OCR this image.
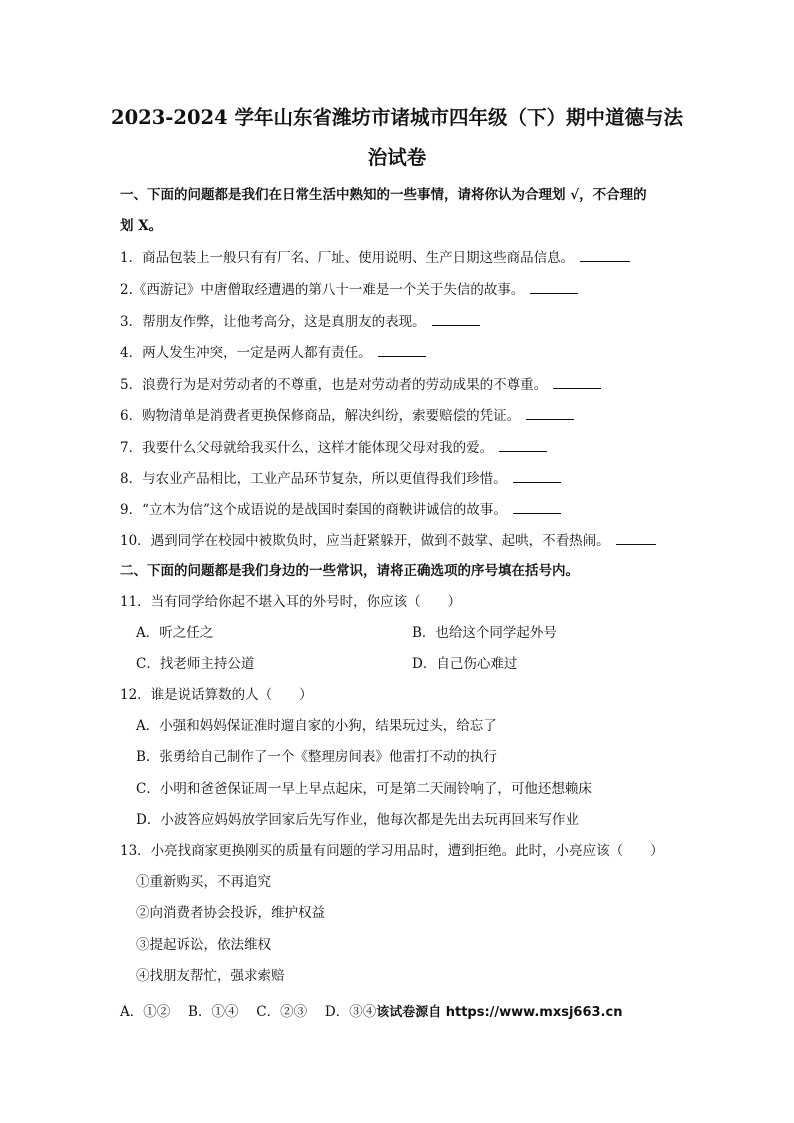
2023-2024 学年山东省潍坊市诸城市四年级（下）期中道德与法
治试卷
一、下面的问题都是我们在日常生活中熟知的一些事情，请将你认为合理划 √，不合理的
划 X。
1．商品包装上一般只有有厂名、厂址、使用说明、生产日期这些商品信息。
2.《西游记》中唐僧取经遭遇的第八十一难是一个关于失信的故事。
3．帮朋友作弊，让他考高分，这是真朋友的表现。
4．两人发生冲突，一定是两人都有责任。
5．浪费行为是对劳动者的不尊重，也是对劳动者的劳动成果的不尊重。
6．购物清单是消费者更换保修商品，解决纠纷，索要赔偿的凭证。
7．我要什么父母就给我买什么，这样才能体现父母对我的爱。
8．与农业产品相比，工业产品环节复杂，所以更值得我们珍惜。
9．“立木为信”这个成语说的是战国时秦国的商鞅讲诚信的故事。
10．遇到同学在校园中被欺负时，应当赶紧躲开，做到不鼓掌、起哄，不看热闹。
二、下面的问题都是我们身边的一些常识，请将正确选项的序号填在括号内。
11．当有同学给你起不堪入耳的外号时，你应该（　　）
A．听之任之	B．也给这个同学起外号
C．找老师主持公道	D．自己伤心难过
12．谁是说话算数的人（　　）
A．小强和妈妈保证准时遛自家的小狗，结果玩过头，给忘了
B．张勇给自己制作了一个《整理房间表》他雷打不动的执行
C．小明和爸爸保证周一早上早点起床，可是第二天闹铃响了，可他还想赖床
D．小波答应妈妈放学回家后先写作业，他每次都是先出去玩再回来写作业
13．小亮找商家更换刚买的质量有问题的学习用品时，遭到拒绝。此时，小亮应该（　　）
①重新购买，不再追究
②向消费者协会投诉，维护权益
③提起诉讼，依法维权
④找朋友帮忙，强求索赔
A．①②　 B．①④　 C．②③　 D．③④该试卷源自 https://www.mxsj663.cn
